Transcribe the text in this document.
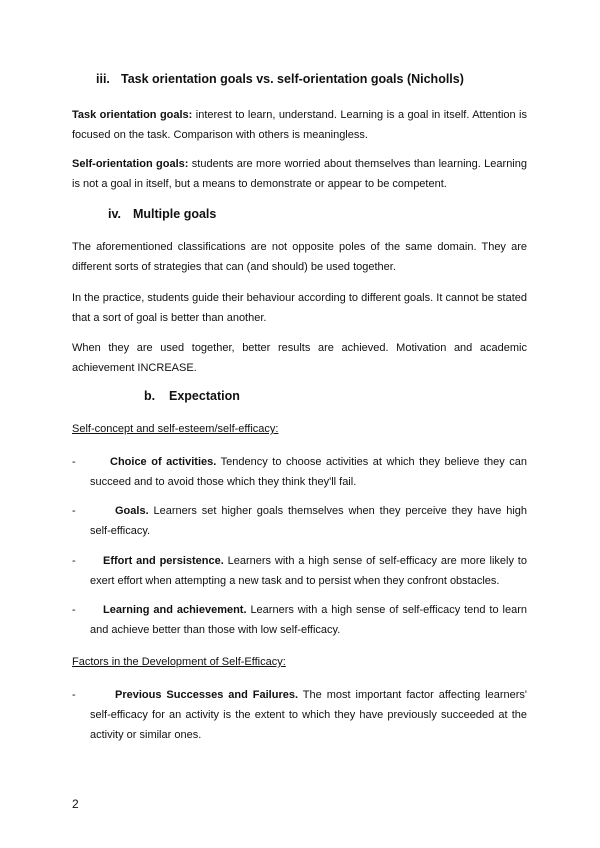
iii. Task orientation goals vs. self-orientation goals (Nicholls)
Task orientation goals: interest to learn, understand. Learning is a goal in itself. Attention is focused on the task. Comparison with others is meaningless.
Self-orientation goals: students are more worried about themselves than learning. Learning is not a goal in itself, but a means to demonstrate or appear to be competent.
iv. Multiple goals
The aforementioned classifications are not opposite poles of the same domain. They are different sorts of strategies that can (and should) be used together.
In the practice, students guide their behaviour according to different goals. It cannot be stated that a sort of goal is better than another.
When they are used together, better results are achieved. Motivation and academic achievement INCREASE.
b. Expectation
Self-concept and self-esteem/self-efficacy:
-	Choice of activities. Tendency to choose activities at which they believe they can succeed and to avoid those which they think they'll fail.
-	Goals. Learners set higher goals themselves when they perceive they have high self-efficacy.
-	Effort and persistence. Learners with a high sense of self-efficacy are more likely to exert effort when attempting a new task and to persist when they confront obstacles.
-	Learning and achievement. Learners with a high sense of self-efficacy tend to learn and achieve better than those with low self-efficacy.
Factors in the Development of Self-Efficacy:
-	Previous Successes and Failures. The most important factor affecting learners' self-efficacy for an activity is the extent to which they have previously succeeded at the activity or similar ones.
2
